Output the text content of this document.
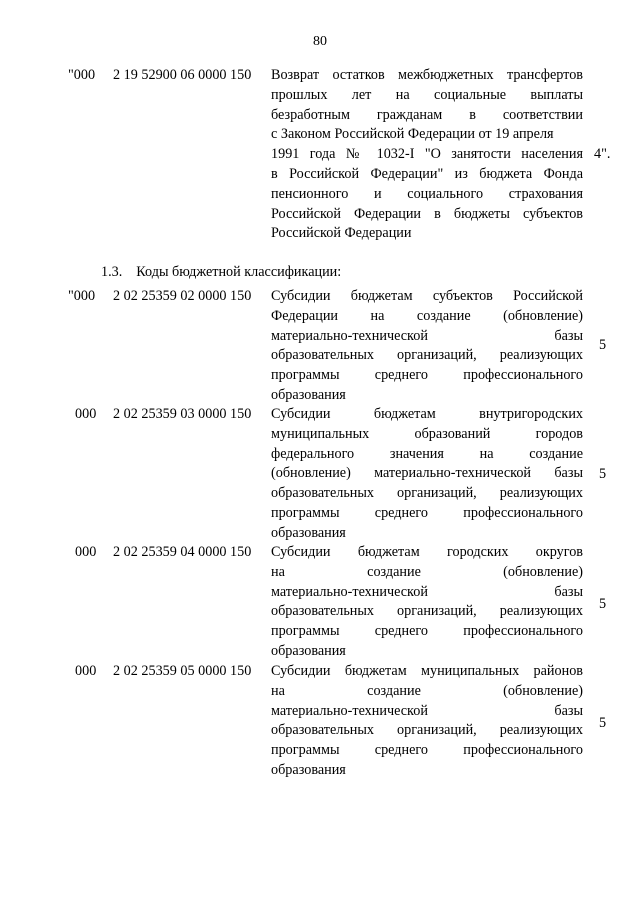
80
"000 2 19 52900 06 0000 150 Возврат остатков межбюджетных трансфертов
прошлых лет на социальные выплаты
безработным гражданам в соответствии
с Законом Российской Федерации от 19 апреля
1991 года № 1032-I "О занятости населения
в Российской Федерации" из бюджета Фонда
пенсионного и социального страхования
Российской Федерации в бюджеты субъектов
Российской Федерации
4".
1.3. Коды бюджетной классификации:
"000 2 02 25359 02 0000 150 Субсидии бюджетам субъектов Российской
Федерации на создание (обновление)
материально-технической базы
образовательных организаций, реализующих
программы среднего профессионального
образования
5
000 2 02 25359 03 0000 150 Субсидии бюджетам внутригородских
муниципальных образований городов
федерального значения на создание
(обновление) материально-технической базы
образовательных организаций, реализующих
программы среднего профессионального
образования
5
000 2 02 25359 04 0000 150 Субсидии бюджетам городских округов
на создание (обновление)
материально-технической базы
образовательных организаций, реализующих
программы среднего профессионального
образования
5
000 2 02 25359 05 0000 150 Субсидии бюджетам муниципальных районов
на создание (обновление)
материально-технической базы
образовательных организаций, реализующих
программы среднего профессионального
образования
5
